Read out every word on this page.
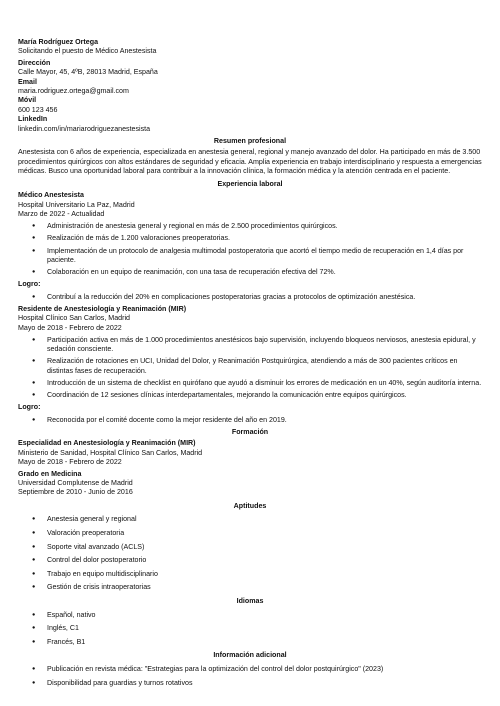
María Rodríguez Ortega
Solicitando el puesto de Médico Anestesista
Dirección
Calle Mayor, 45, 4ºB, 28013 Madrid, España
Email
maria.rodriguez.ortega@gmail.com
Móvil
600 123 456
LinkedIn
linkedin.com/in/mariarodriguezanestesista
Resumen profesional
Anestesista con 6 años de experiencia, especializada en anestesia general, regional y manejo avanzado del dolor. Ha participado en más de 3.500 procedimientos quirúrgicos con altos estándares de seguridad y eficacia. Amplia experiencia en trabajo interdisciplinario y respuesta a emergencias médicas. Busco una oportunidad laboral para contribuir a la innovación clínica, la formación médica y la atención centrada en el paciente.
Experiencia laboral
Médico Anestesista
Hospital Universitario La Paz, Madrid
Marzo de 2022 - Actualidad
● Administración de anestesia general y regional en más de 2.500 procedimientos quirúrgicos.
● Realización de más de 1.200 valoraciones preoperatorias.
● Implementación de un protocolo de analgesia multimodal postoperatoria que acortó el tiempo medio de recuperación en 1,4 días por paciente.
● Colaboración en un equipo de reanimación, con una tasa de recuperación efectiva del 72%.
Logro:
● Contribuí a la reducción del 20% en complicaciones postoperatorias gracias a protocolos de optimización anestésica.
Residente de Anestesiología y Reanimación (MIR)
Hospital Clínico San Carlos, Madrid
Mayo de 2018 - Febrero de 2022
● Participación activa en más de 1.000 procedimientos anestésicos bajo supervisión, incluyendo bloqueos nerviosos, anestesia epidural, y sedación consciente.
● Realización de rotaciones en UCI, Unidad del Dolor, y Reanimación Postquirúrgica, atendiendo a más de 300 pacientes críticos en distintas fases de recuperación.
● Introducción de un sistema de checklist en quirófano que ayudó a disminuir los errores de medicación en un 40%, según auditoría interna.
● Coordinación de 12 sesiones clínicas interdepartamentales, mejorando la comunicación entre equipos quirúrgicos.
Logro:
● Reconocida por el comité docente como la mejor residente del año en 2019.
Formación
Especialidad en Anestesiología y Reanimación (MIR)
Ministerio de Sanidad, Hospital Clínico San Carlos, Madrid
Mayo de 2018 - Febrero de 2022
Grado en Medicina
Universidad Complutense de Madrid
Septiembre de 2010 - Junio de 2016
Aptitudes
● Anestesia general y regional
● Valoración preoperatoria
● Soporte vital avanzado (ACLS)
● Control del dolor postoperatorio
● Trabajo en equipo multidisciplinario
● Gestión de crisis intraoperatorias
Idiomas
● Español, nativo
● Inglés, C1
● Francés, B1
Información adicional
● Publicación en revista médica: "Estrategias para la optimización del control del dolor postquirúrgico" (2023)
● Disponibilidad para guardias y turnos rotativos
